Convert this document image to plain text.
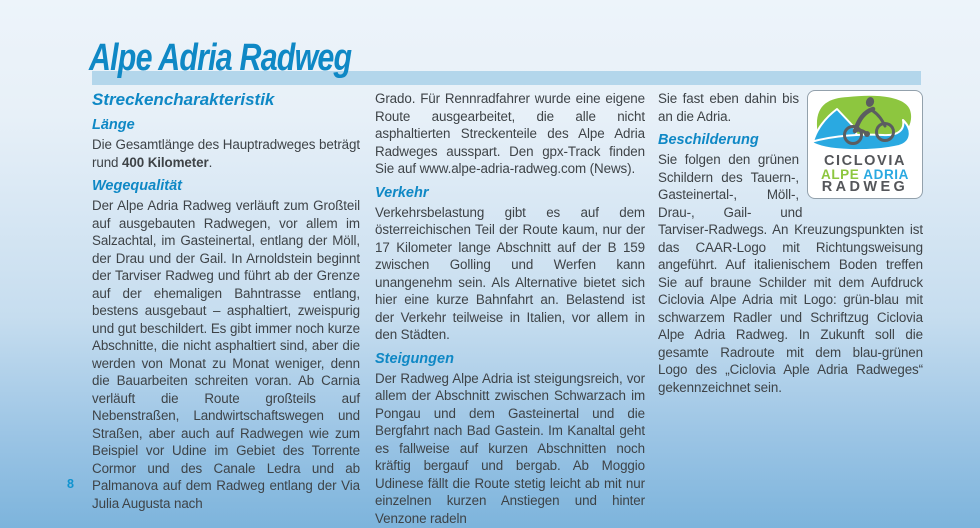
Alpe Adria Radweg
Streckencharakteristik
Länge

Die Gesamtlänge des Hauptradweges beträgt rund 400 Kilometer.

Wegequalität

Der Alpe Adria Radweg verläuft zum Großteil auf ausgebauten Radwegen, vor allem im Salzachtal, im Gasteinertal, entlang der Möll, der Drau und der Gail. In Arnoldstein beginnt der Tarviser Radweg und führt ab der Grenze auf der ehemaligen Bahntrasse entlang, bestens ausgebaut – asphaltiert, zweispurig und gut beschildert. Es gibt immer noch kurze Abschnitte, die nicht asphaltiert sind, aber die werden von Monat zu Monat weniger, denn die Bauarbeiten schreiten voran. Ab Carnia verläuft die Route großteils auf Nebenstraßen, Landwirtschaftswegen und Straßen, aber auch auf Radwegen wie zum Beispiel vor Udine im Gebiet des Torrente Cormor und des Canale Ledra und ab Palmanova auf dem Radweg entlang der Via Julia Augusta nach

Grado. Für Rennradfahrer wurde eine eigene Route ausgearbeitet, die alle nicht asphaltierten Streckenteile des Alpe Adria Radweges ausspart. Den gpx-Track finden Sie auf www.alpe-adria-radweg.com (News).

Verkehr

Verkehrsbelastung gibt es auf dem österreichischen Teil der Route kaum, nur der 17 Kilometer lange Abschnitt auf der B 159 zwischen Golling und Werfen kann unangenehm sein. Als Alternative bietet sich hier eine kurze Bahnfahrt an. Belastend ist der Verkehr teilweise in Italien, vor allem in den Städten.

Steigungen

Der Radweg Alpe Adria ist steigungsreich, vor allem der Abschnitt zwischen Schwarzach im Pongau und dem Gasteinertal und die Bergfahrt nach Bad Gastein. Im Kanaltal geht es fallweise auf kurzen Abschnitten noch kräftig bergauf und bergab. Ab Moggio Udinese fällt die Route stetig leicht ab mit nur einzelnen kurzen Anstiegen und hinter Venzone radeln

CICLOVIA
ALPE ADRIA
RADWEG

Sie fast eben dahin bis an die Adria.

Beschilderung

Sie folgen den grünen Schildern des Tauern-, Gasteinertal-, Möll-, Drau-, Gail- und Tarviser-Radwegs. An Kreuzungspunkten ist das CAAR-Logo mit Richtungsweisung angeführt. Auf italienischem Boden treffen Sie auf braune Schilder mit dem Aufdruck Ciclovia Alpe Adria mit Logo: grün-blau mit schwarzem Radler und Schriftzug Ciclovia Alpe Adria Radweg. In Zukunft soll die gesamte Radroute mit dem blau-grünen Logo des „Ciclovia Aple Adria Radweges“ gekennzeichnet sein.

8
